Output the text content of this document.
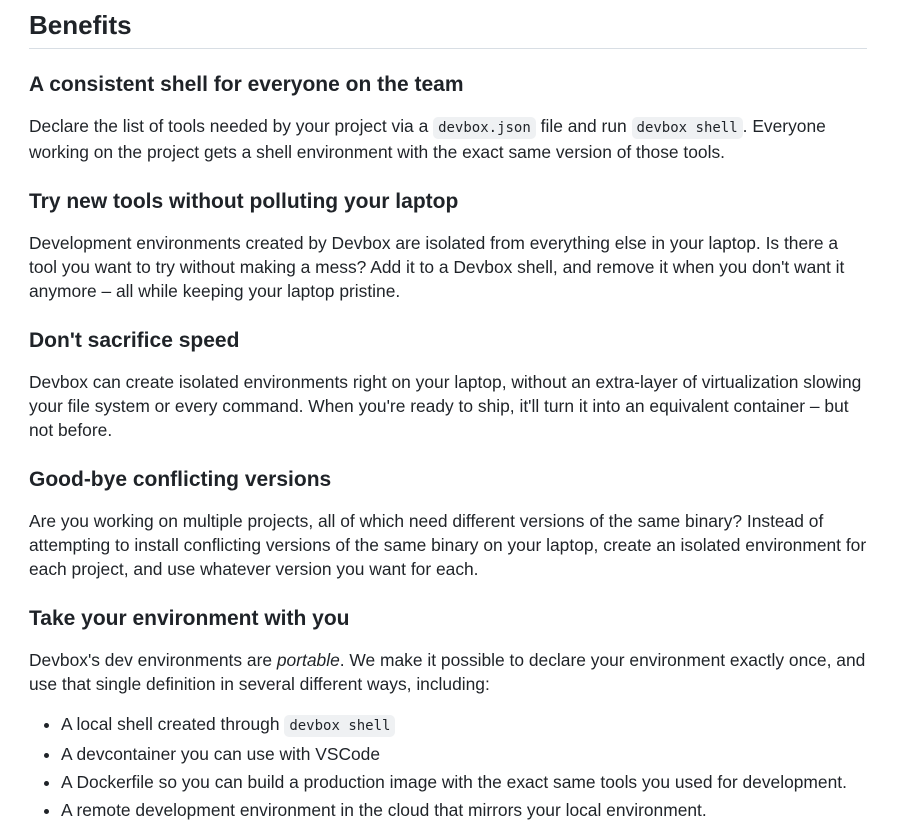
Benefits
A consistent shell for everyone on the team

Declare the list of tools needed by your project via a devbox.json file and run devbox shell . Everyone working on the project gets a shell environment with the exact same version of those tools.

Try new tools without polluting your laptop

Development environments created by Devbox are isolated from everything else in your laptop. Is there a tool you want to try without making a mess? Add it to a Devbox shell, and remove it when you don't want it anymore – all while keeping your laptop pristine.

Don't sacrifice speed

Devbox can create isolated environments right on your laptop, without an extra-layer of virtualization slowing your file system or every command. When you're ready to ship, it'll turn it into an equivalent container – but not before.

Good-bye conflicting versions

Are you working on multiple projects, all of which need different versions of the same binary? Instead of attempting to install conflicting versions of the same binary on your laptop, create an isolated environment for each project, and use whatever version you want for each.

Take your environment with you

Devbox's dev environments are portable. We make it possible to declare your environment exactly once, and use that single definition in several different ways, including:

• A local shell created through devbox shell
• A devcontainer you can use with VSCode
• A Dockerfile so you can build a production image with the exact same tools you used for development.
• A remote development environment in the cloud that mirrors your local environment.
